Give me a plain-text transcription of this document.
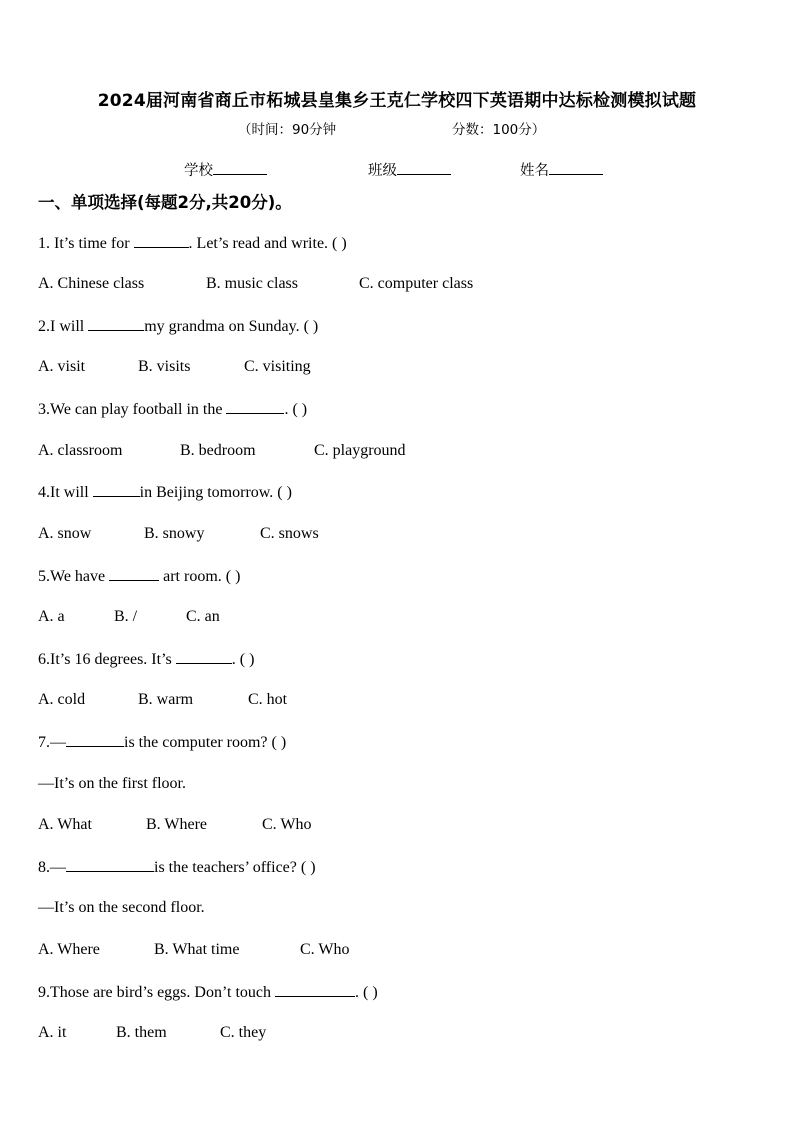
2024届河南省商丘市柘城县皇集乡王克仁学校四下英语期中达标检测模拟试题
（时间：90分钟	分数：100分）
学校	班级	姓名
一、单项选择(每题2分,共20分)。
1. It’s time for	. Let’s read and write. ( )
A. Chinese class	B. music class	C. computer class
2.I will	my grandma on Sunday. ( )
A. visit	B. visits	C. visiting
3.We can play football in the	. ( )
A. classroom	B. bedroom	C. playground
4.It will	in Beijing tomorrow. ( )
A. snow	B. snowy	C. snows
5.We have	art room. ( )
A. a	B. /	C. an
6.It’s 16 degrees. It’s	. ( )
A. cold	B. warm	C. hot
7.—	is the computer room? ( )
—It’s on the first floor.
A. What	B. Where	C. Who
8.—	is the teachers’ office? ( )
—It’s on the second floor.
A. Where	B. What time	C. Who
9.Those are bird’s eggs. Don’t touch	. ( )
A. it	B. them	C. they
